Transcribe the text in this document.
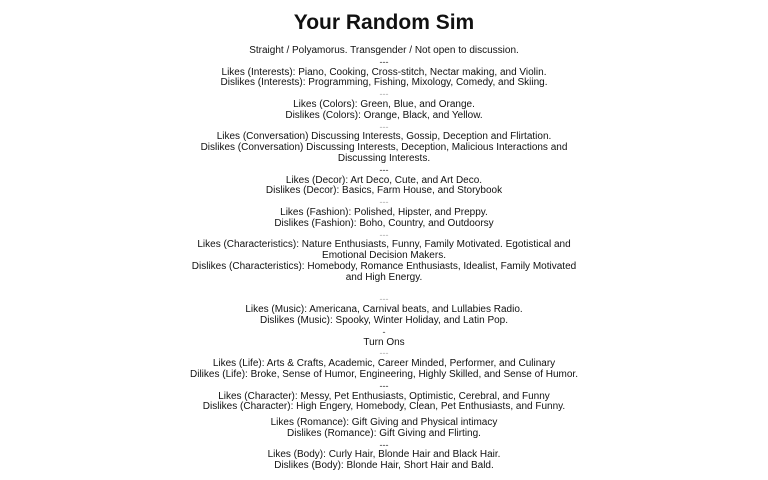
Your Random Sim
Straight / Polyamorus. Transgender / Not open to discussion.
---
Likes (Interests): Piano, Cooking, Cross-stitch, Nectar making, and Violin.
Dislikes (Interests): Programming, Fishing, Mixology, Comedy, and Skiing.
---
Likes (Colors): Green, Blue, and Orange.
Dislikes (Colors): Orange, Black, and Yellow.
---
Likes (Conversation) Discussing Interests, Gossip, Deception and Flirtation.
Dislikes (Conversation) Discussing Interests, Deception, Malicious Interactions and Discussing Interests.
---
Likes (Decor): Art Deco, Cute, and Art Deco.
Dislikes (Decor): Basics, Farm House, and Storybook
---
Likes (Fashion): Polished, Hipster, and Preppy.
Dislikes (Fashion): Boho, Country, and Outdoorsy
---
Likes (Characteristics): Nature Enthusiasts, Funny, Family Motivated. Egotistical and Emotional Decision Makers.
Dislikes (Characteristics): Homebody, Romance Enthusiasts, Idealist, Family Motivated and High Energy.
---
Likes (Music): Americana, Carnival beats, and Lullabies Radio.
Dislikes (Music): Spooky, Winter Holiday, and Latin Pop.
-
Turn Ons
---
Likes (Life): Arts & Crafts, Academic, Career Minded, Performer, and Culinary
Dilikes (Life): Broke, Sense of Humor, Engineering, Highly Skilled, and Sense of Humor.
---
Likes (Character): Messy, Pet Enthusiasts, Optimistic, Cerebral, and Funny
Dislikes (Character): High Engery, Homebody, Clean, Pet Enthusiasts, and Funny.
Likes (Romance): Gift Giving and Physical intimacy
Dislikes (Romance): Gift Giving and Flirting.
---
Likes (Body): Curly Hair, Blonde Hair and Black Hair.
Dislikes (Body): Blonde Hair, Short Hair and Bald.
